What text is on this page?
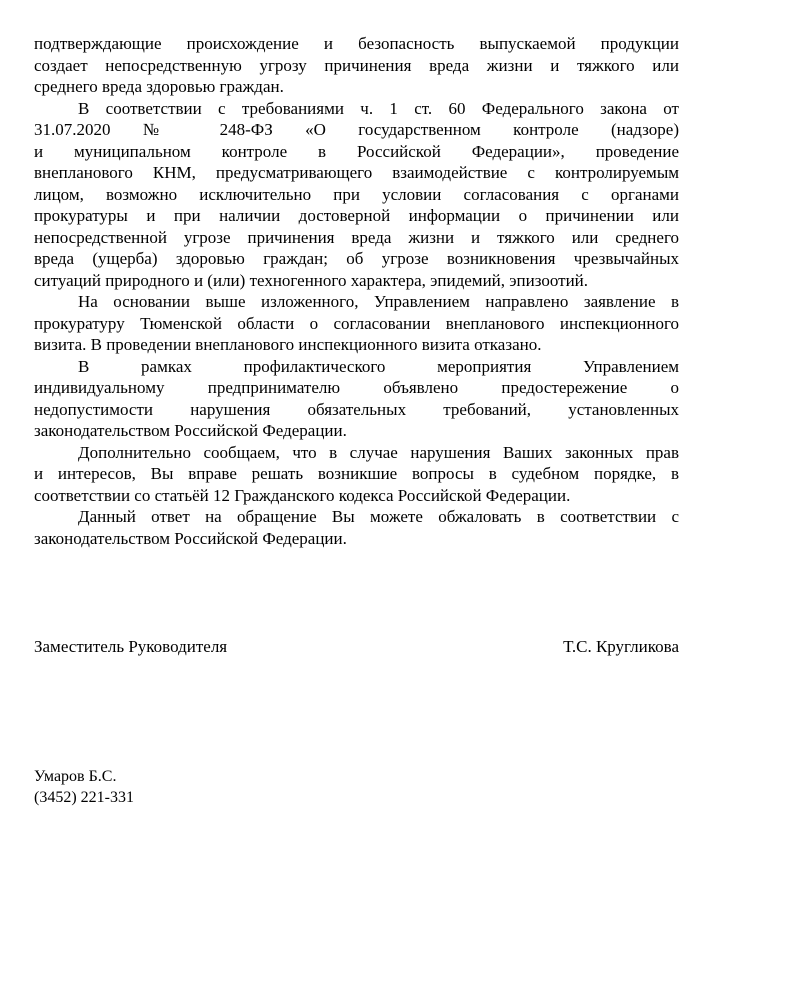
подтверждающие происхождение и безопасность выпускаемой продукции
создает непосредственную угрозу причинения вреда жизни и тяжкого или
среднего вреда здоровью граждан.
В соответствии с требованиями ч. 1 ст. 60 Федерального закона от
31.07.2020 № 248-ФЗ «О государственном контроле (надзоре)
и муниципальном контроле в Российской Федерации», проведение
внепланового КНМ, предусматривающего взаимодействие с контролируемым
лицом, возможно исключительно при условии согласования с органами
прокуратуры и при наличии достоверной информации о причинении или
непосредственной угрозе причинения вреда жизни и тяжкого или среднего
вреда (ущерба) здоровью граждан; об угрозе возникновения чрезвычайных
ситуаций природного и (или) техногенного характера, эпидемий, эпизоотий.
На основании выше изложенного, Управлением направлено заявление в
прокуратуру Тюменской области о согласовании внепланового инспекционного
визита. В проведении внепланового инспекционного визита отказано.
В рамках профилактического мероприятия Управлением
индивидуальному предпринимателю объявлено предостережение о
недопустимости нарушения обязательных требований, установленных
законодательством Российской Федерации.
Дополнительно сообщаем, что в случае нарушения Ваших законных прав
и интересов, Вы вправе решать возникшие вопросы в судебном порядке, в
соответствии со статьёй 12 Гражданского кодекса Российской Федерации.
Данный ответ на обращение Вы можете обжаловать в соответствии с
законодательством Российской Федерации.
Заместитель Руководителя	Т.С. Кругликова
Умаров Б.С.
(3452) 221-331
